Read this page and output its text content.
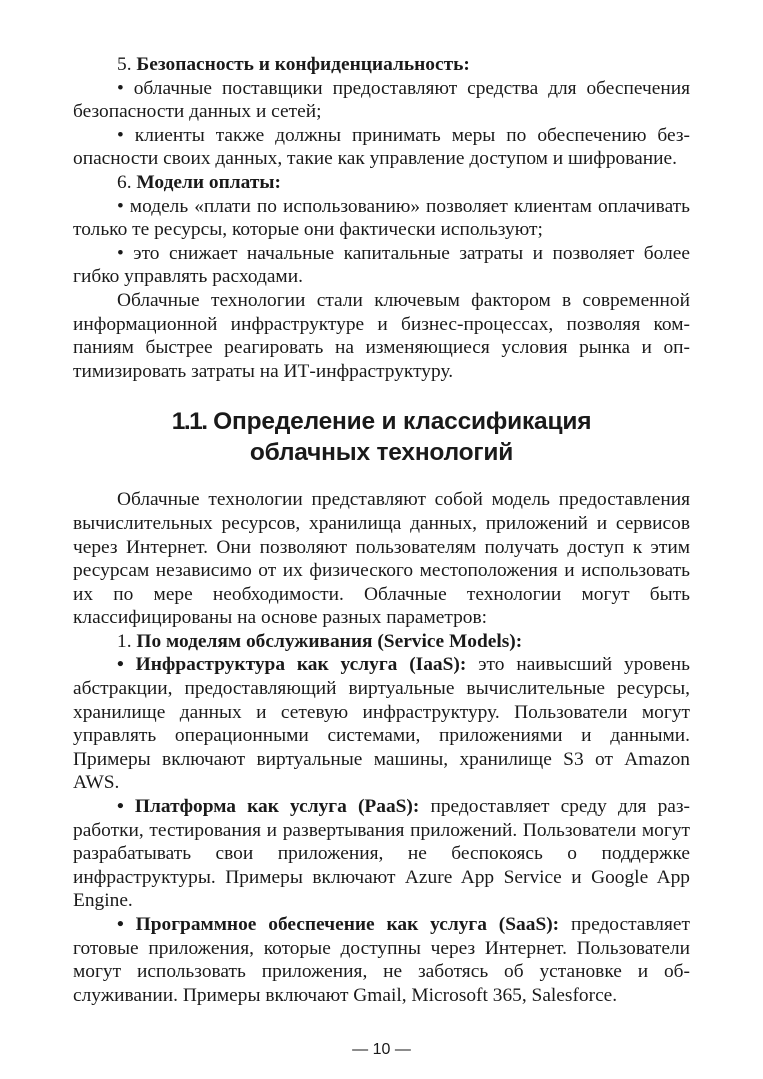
5. Безопасность и конфиденциальность:

• облачные поставщики предоставляют средства для обеспечения безопасности данных и сетей;

• клиенты также должны принимать меры по обеспечению безопасности своих данных, такие как управление доступом и шифрование.

6. Модели оплаты:

• модель «плати по использованию» позволяет клиентам оплачивать только те ресурсы, которые они фактически используют;

• это снижает начальные капитальные затраты и позволяет более гибко управлять расходами.

Облачные технологии стали ключевым фактором в современной информационной инфраструктуре и бизнес-процессах, позволяя компаниям быстрее реагировать на изменяющиеся условия рынка и оптимизировать затраты на ИТ-инфраструктуру.

1.1. Определение и классификация
облачных технологий

Облачные технологии представляют собой модель предоставления вычислительных ресурсов, хранилища данных, приложений и сервисов через Интернет. Они позволяют пользователям получать доступ к этим ресурсам независимо от их физического местоположения и использовать их по мере необходимости. Облачные технологии могут быть классифицированы на основе разных параметров:

1. По моделям обслуживания (Service Models):

• Инфраструктура как услуга (IaaS): это наивысший уровень абстракции, предоставляющий виртуальные вычислительные ресурсы, хранилище данных и сетевую инфраструктуру. Пользователи могут управлять операционными системами, приложениями и данными. Примеры включают виртуальные машины, хранилище S3 от Amazon AWS.

• Платформа как услуга (PaaS): предоставляет среду для разработки, тестирования и развертывания приложений. Пользователи могут разрабатывать свои приложения, не беспокоясь о поддержке инфраструктуры. Примеры включают Azure App Service и Google App Engine.

• Программное обеспечение как услуга (SaaS): предоставляет готовые приложения, которые доступны через Интернет. Пользователи могут использовать приложения, не заботясь об установке и обслуживании. Примеры включают Gmail, Microsoft 365, Salesforce.

— 10 —
